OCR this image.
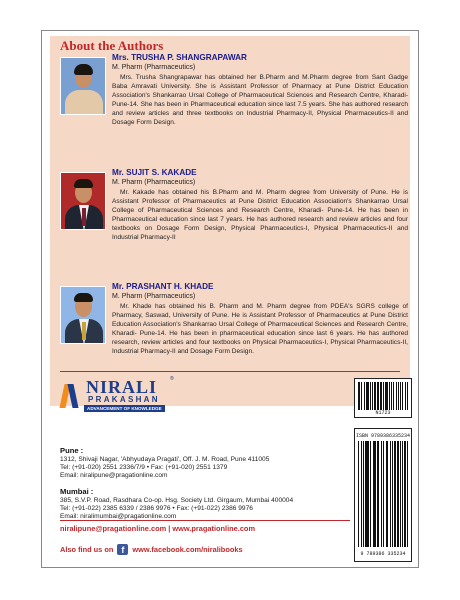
About the Authors
Mrs. TRUSHA P. SHANGRAPAWAR
M. Pharm (Pharmaceutics)

Mrs. Trusha Shangrapawar has obtained her B.Pharm and M.Pharm degree from Sant Gadge Baba Amravati University. She is Assistant Professor of Pharmacy at Pune District Education Association's Shankarrao Ursal College of Pharmaceutical Sciences and Research Centre, Kharadi- Pune-14. She has been in Pharmaceutical education since last 7.5 years. She has authored research and review articles and three textbooks on Industrial Pharmacy-II, Physical Pharmaceutics-II and Dosage Form Design.

Mr. SUJIT S. KAKADE
M. Pharm (Pharmaceutics)

Mr. Kakade has obtained his B.Pharm and M. Pharm degree from University of Pune. He is Assistant Professor of Pharmaceutics at Pune District Education Association's Shankarrao Ursal College of Pharmaceutical Sciences and Research Centre, Kharadi- Pune-14. He has been in Pharmaceutical education since last 7 years. He has authored research and review articles and four textbooks on Dosage Form Design, Physical Pharmaceutics-I, Physical Pharmaceutics-II and Industrial Pharmacy-II

Mr. PRASHANT H. KHADE
M. Pharm (Pharmaceutics)

Mr. Khade has obtained his B. Pharm and M. Pharm degree from PDEA's SGRS college of Pharmacy, Saswad, University of Pune. He is Assistant Professor of Pharmaceutics at Pune District Education Association's Shankarrao Ursal College of Pharmaceutical Sciences and Research Centre, Kharadi- Pune-14. He has been in pharmaceutical education since last 6 years. He has authored research, review articles and four textbooks on Physical Pharmaceutics-I, Physical Pharmaceutics-II, Industrial Pharmacy-II and Dosage Form Design.

NIRALI	®
PRAKASHAN
ADVANCEMENT OF KNOWLEDGE
Pune :
1312, Shivaji Nagar, 'Abhyudaya Pragati', Off. J. M. Road, Pune 411005
Tel: (+91-020) 2551 2336/7/9 • Fax: (+91-020) 2551 1379
Email: niralipune@pragationline.com
Mumbai :
385, S.V.P. Road, Rasdhara Co-op. Hsg. Society Ltd. Girgaum, Mumbai 400004
Tel: (+91-022) 2385 6339 / 2386 9976 • Fax: (+91-022) 2386 9976
Email: niralimumbai@pragationline.com
niralipune@pragationline.com | www.pragationline.com
Also find us on f	www.facebook.com/niralibooks
N1723
ISBN 9789386335234
9 789386 335234
